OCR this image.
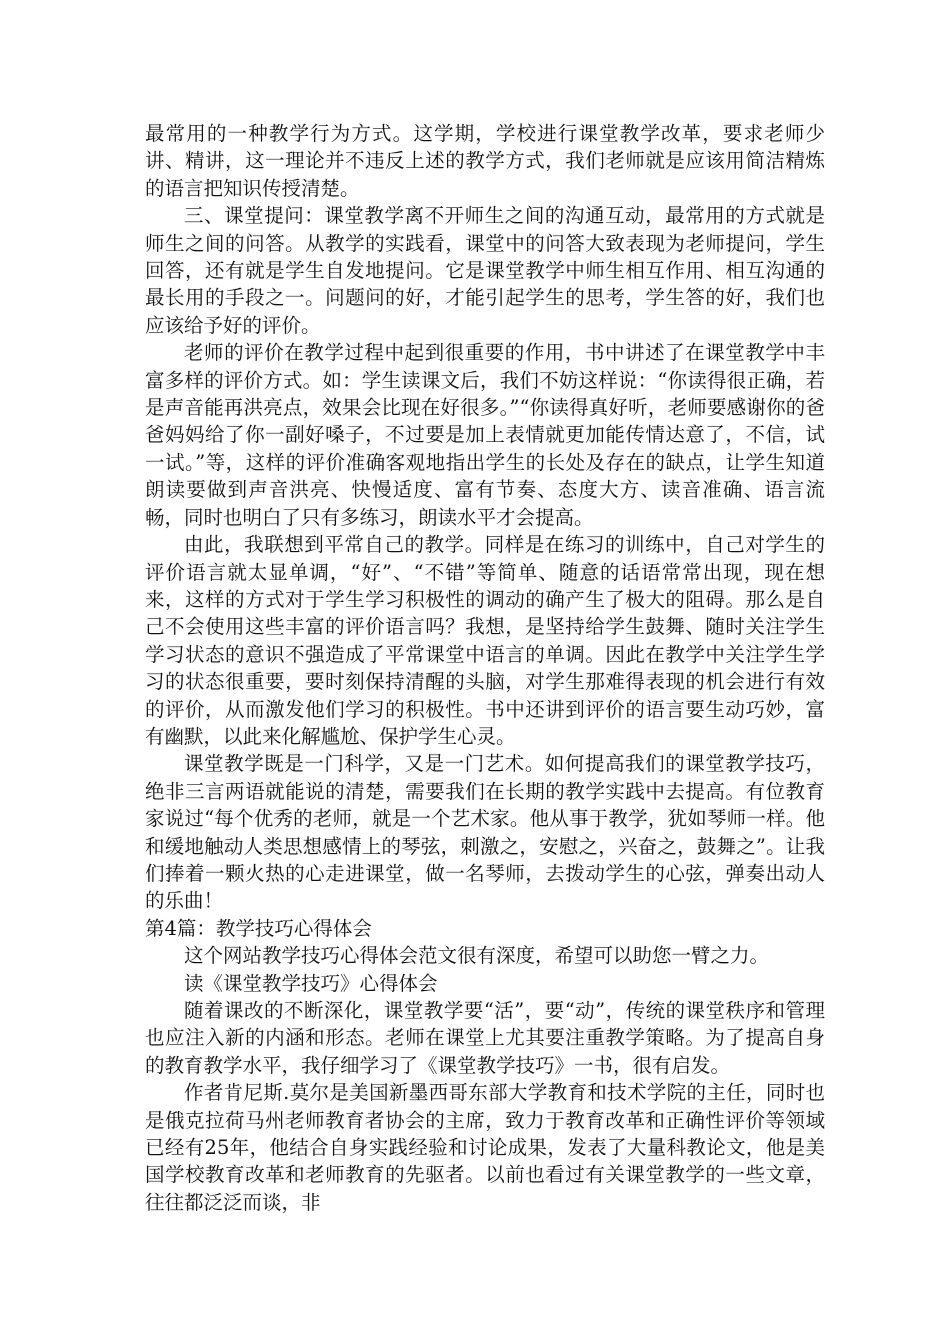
最常用的一种教学行为方式。这学期，学校进行课堂教学改革，要求老师少讲、精讲，这一理论并不违反上述的教学方式，我们老师就是应该用简洁精炼的语言把知识传授清楚。

三、课堂提问：课堂教学离不开师生之间的沟通互动，最常用的方式就是师生之间的问答。从教学的实践看，课堂中的问答大致表现为老师提问，学生回答，还有就是学生自发地提问。它是课堂教学中师生相互作用、相互沟通的最长用的手段之一。问题问的好，才能引起学生的思考，学生答的好，我们也应该给予好的评价。

老师的评价在教学过程中起到很重要的作用，书中讲述了在课堂教学中丰富多样的评价方式。如：学生读课文后，我们不妨这样说：“你读得很正确，若是声音能再洪亮点，效果会比现在好很多。”“你读得真好听，老师要感谢你的爸爸妈妈给了你一副好嗓子，不过要是加上表情就更加能传情达意了，不信，试一试。”等，这样的评价准确客观地指出学生的长处及存在的缺点，让学生知道朗读要做到声音洪亮、快慢适度、富有节奏、态度大方、读音准确、语言流畅，同时也明白了只有多练习，朗读水平才会提高。

由此，我联想到平常自己的教学。同样是在练习的训练中，自己对学生的评价语言就太显单调，“好”、“不错”等简单、随意的话语常常出现，现在想来，这样的方式对于学生学习积极性的调动的确产生了极大的阻碍。那么是自己不会使用这些丰富的评价语言吗？我想，是坚持给学生鼓舞、随时关注学生学习状态的意识不强造成了平常课堂中语言的单调。因此在教学中关注学生学习的状态很重要，要时刻保持清醒的头脑，对学生那难得表现的机会进行有效的评价，从而激发他们学习的积极性。书中还讲到评价的语言要生动巧妙，富有幽默，以此来化解尴尬、保护学生心灵。

课堂教学既是一门科学，又是一门艺术。如何提高我们的课堂教学技巧，绝非三言两语就能说的清楚，需要我们在长期的教学实践中去提高。有位教育家说过“每个优秀的老师，就是一个艺术家。他从事于教学，犹如琴师一样。他和缓地触动人类思想感情上的琴弦，刺激之，安慰之，兴奋之，鼓舞之”。让我们捧着一颗火热的心走进课堂，做一名琴师，去拨动学生的心弦，弹奏出动人的乐曲！

第4篇：教学技巧心得体会

这个网站教学技巧心得体会范文很有深度，希望可以助您一臂之力。

读《课堂教学技巧》心得体会

随着课改的不断深化，课堂教学要“活”，要“动”，传统的课堂秩序和管理也应注入新的内涵和形态。老师在课堂上尤其要注重教学策略。为了提高自身的教育教学水平，我仔细学习了《课堂教学技巧》一书，很有启发。

作者肯尼斯.莫尔是美国新墨西哥东部大学教育和技术学院的主任，同时也是俄克拉荷马州老师教育者协会的主席，致力于教育改革和正确性评价等领域已经有25年，他结合自身实践经验和讨论成果，发表了大量科教论文，他是美国学校教育改革和老师教育的先驱者。以前也看过有关课堂教学的一些文章，往往都泛泛而谈，非
